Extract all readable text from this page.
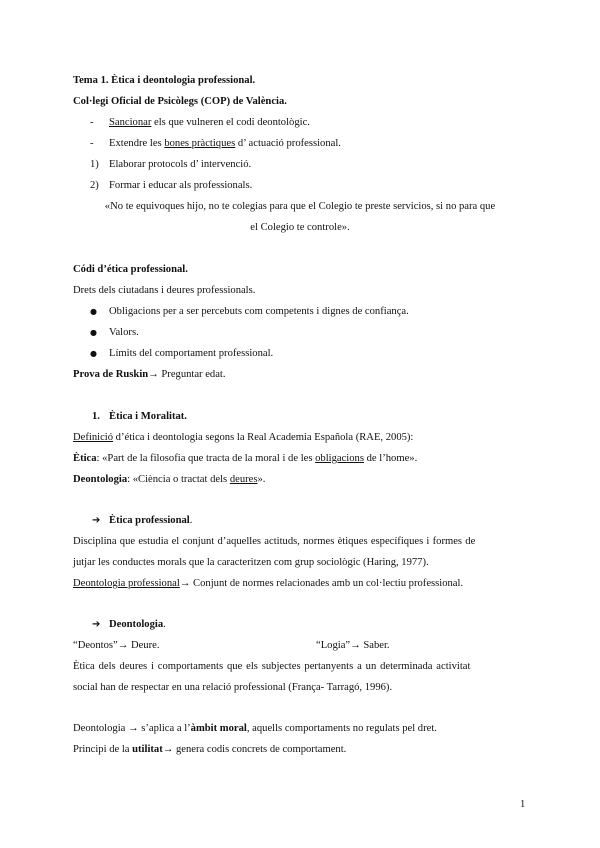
Tema 1. Ètica i deontologia professional.
Col·legi Oficial de Psicòlegs (COP) de València.
- Sancionar els que vulneren el codi deontològic.
- Extendre les bones pràctiques d’ actuació professional.
1) Elaborar protocols d’ intervenció.
2) Formar i educar als professionals.
«No te equivoques hijo, no te colegias para que el Colegio te preste servicios, si no para que
el Colegio te controle».
Códi d’ética professional.
Drets dels ciutadans i deures professionals.
● Obligacions per a ser percebuts com competents i dignes de confiança.
● Valors.
● Límits del comportament professional.
Prova de Ruskin→ Preguntar edat.
1. Ètica i Moralitat.
Definició d’ética i deontologia segons la Real Academia Española (RAE, 2005):
Ètica: «Part de la filosofia que tracta de la moral i de les obligacions de l’home».
Deontologia: «Ciència o tractat dels deures».
➔ Ètica professional.
Disciplina que estudia el conjunt d’aquelles actituds, normes ètiques específiques i formes de
jutjar les conductes morals que la caracteritzen com grup sociològic (Haring, 1977).
Deontologia professional→ Conjunt de normes relacionades amb un col·lectiu professional.
➔ Deontologia.
“Deontos”→ Deure.	“Logia”→ Saber.
Ètica dels deures i comportaments que els subjectes pertanyents a un determinada activitat
social han de respectar en una relació professional (França- Tarragó, 1996).
Deontologia → s’aplica a l’àmbit moral, aquells comportaments no regulats pel dret.
Principi de la utilitat→ genera codis concrets de comportament.
1
